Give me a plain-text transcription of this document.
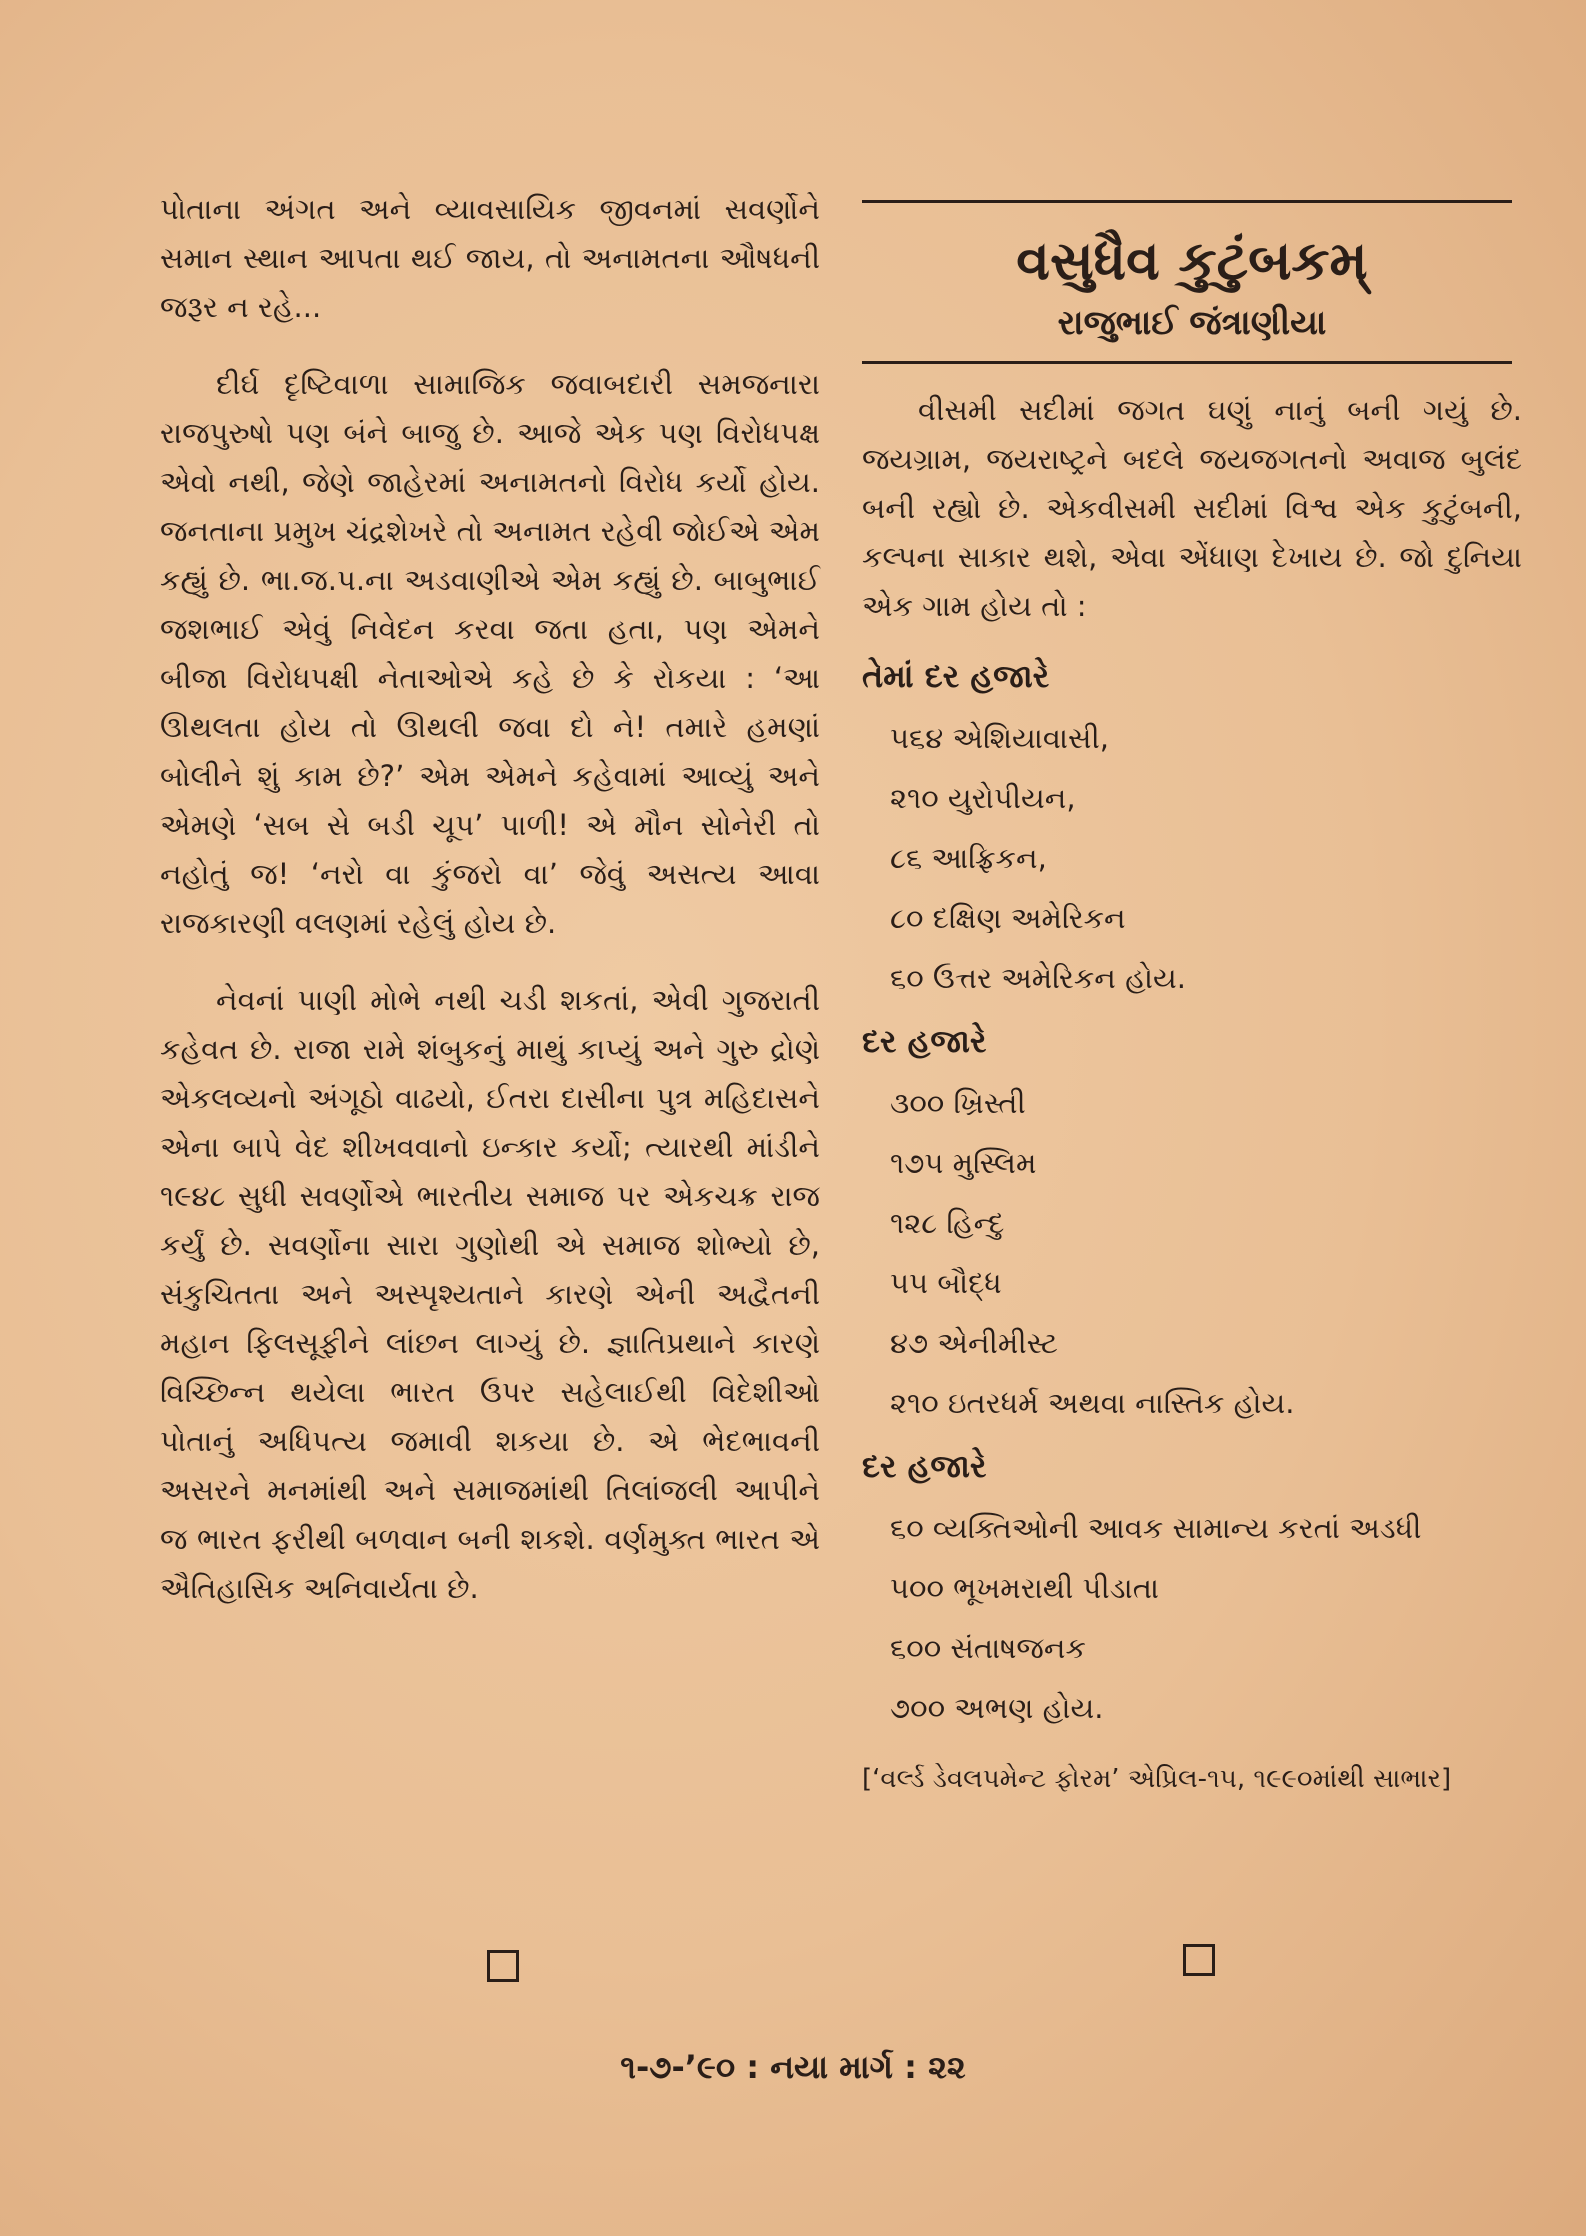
પોતાના અંગત અને વ્યાવસાયિક જીવનમાં સવર્ણોને સમાન સ્થાન આપતા થઈ જાય, તો અનામતના ઔષધની જરૂર ન રહે...

દીર્ઘ દૃષ્ટિવાળા સામાજિક જવાબદારી સમજનારા રાજપુરુષો પણ બંને બાજુ છે. આજે એક પણ વિરોધપક્ષ એવો નથી, જેણે જાહેરમાં અનામતનો વિરોધ કર્યો હોય. જનતાના પ્રમુખ ચંદ્રશેખરે તો અનામત રહેવી જોઈએ એમ કહ્યું છે. ભા.જ.પ.ના અડવાણીએ એમ કહ્યું છે. બાબુભાઈ જશભાઈ એવું નિવેદન કરવા જતા હતા, પણ એમને બીજા વિરોધપક્ષી નેતાઓએ કહે છે કે રોકયા : ‘આ ઊથલતા હોય તો ઊથલી જવા દો ને! તમારે હમણાં બોલીને શું કામ છે?’ એમ એમને કહેવામાં આવ્યું અને એમણે ‘સબ સે બડી ચૂપ’ પાળી! એ મૌન સોનેરી તો નહોતું જ! ‘નરો વા કુંજરો વા’ જેવું અસત્ય આવા રાજકારણી વલણમાં રહેલું હોય છે.

નેવનાં પાણી મોભે નથી ચડી શકતાં, એવી ગુજરાતી કહેવત છે. રાજા રામે શંબુકનું માથું કાપ્યું અને ગુરુ દ્રોણે એકલવ્યનો અંગૂઠો વાઢયો, ઈતરા દાસીના પુત્ર મહિદાસને એના બાપે વેદ શીખવવાનો ઇન્કાર કર્યો; ત્યારથી માંડીને ૧૯૪૮ સુધી સવર્ણોએ ભારતીય સમાજ પર એકચક્ર રાજ કર્યું છે. સવર્ણોના સારા ગુણોથી એ સમાજ શોભ્યો છે, સંકુચિતતા અને અસ્પૃશ્યતાને કારણે એની અદ્વૈતની મહાન ફિલસૂફીને લાંછન લાગ્યું છે. જ્ઞાતિપ્રથાને કારણે વિચ્છિન્ન થયેલા ભારત ઉપર સહેલાઈથી વિદેશીઓ પોતાનું અધિપત્ય જમાવી શકયા છે. એ ભેદભાવની અસરને મનમાંથી અને સમાજમાંથી તિલાંજલી આપીને જ ભારત ફરીથી બળવાન બની શકશે. વર્ણમુક્ત ભારત એ ઐતિહાસિક અનિવાર્યતા છે.

વસુધૈવ કુટુંબકમ્
રાજુભાઈ જંત્રાણીયા

વીસમી સદીમાં જગત ઘણું નાનું બની ગયું છે. જયગ્રામ, જયરાષ્ટ્રને બદલે જયજગતનો અવાજ બુલંદ બની રહ્યો છે. એકવીસમી સદીમાં વિશ્વ એક કુટુંબની, કલ્પના સાકાર થશે, એવા એંધાણ દેખાય છે. જો દુનિયા એક ગામ હોય તો :

તેમાં દર હજારે
૫૬૪ એશિયાવાસી,
૨૧૦ યુરોપીયન,
૮૬ આફ્રિકન,
૮૦ દક્ષિણ અમેરિકન
૬૦ ઉત્તર અમેરિકન હોય.
દર હજારે
૩૦૦ ખ્રિસ્તી
૧૭૫ મુસ્લિમ
૧૨૮ હિન્દુ
૫૫ બૌદ્ધ
૪૭ એનીમીસ્ટ
૨૧૦ ઇતરધર્મ અથવા નાસ્તિક હોય.
દર હજારે
૬૦ વ્યક્તિઓની આવક સામાન્ય કરતાં અડધી
૫૦૦ ભૂખમરાથી પીડાતા
૬૦૦ સંતાષજનક
૭૦૦ અભણ હોય.
[‘વર્લ્ડ ડેવલપમેન્ટ ફોરમ’ એપ્રિલ-૧૫, ૧૯૯૦માંથી સાભાર]
૧-૭-’૯૦ : નયા માર્ગ : ૨૨
